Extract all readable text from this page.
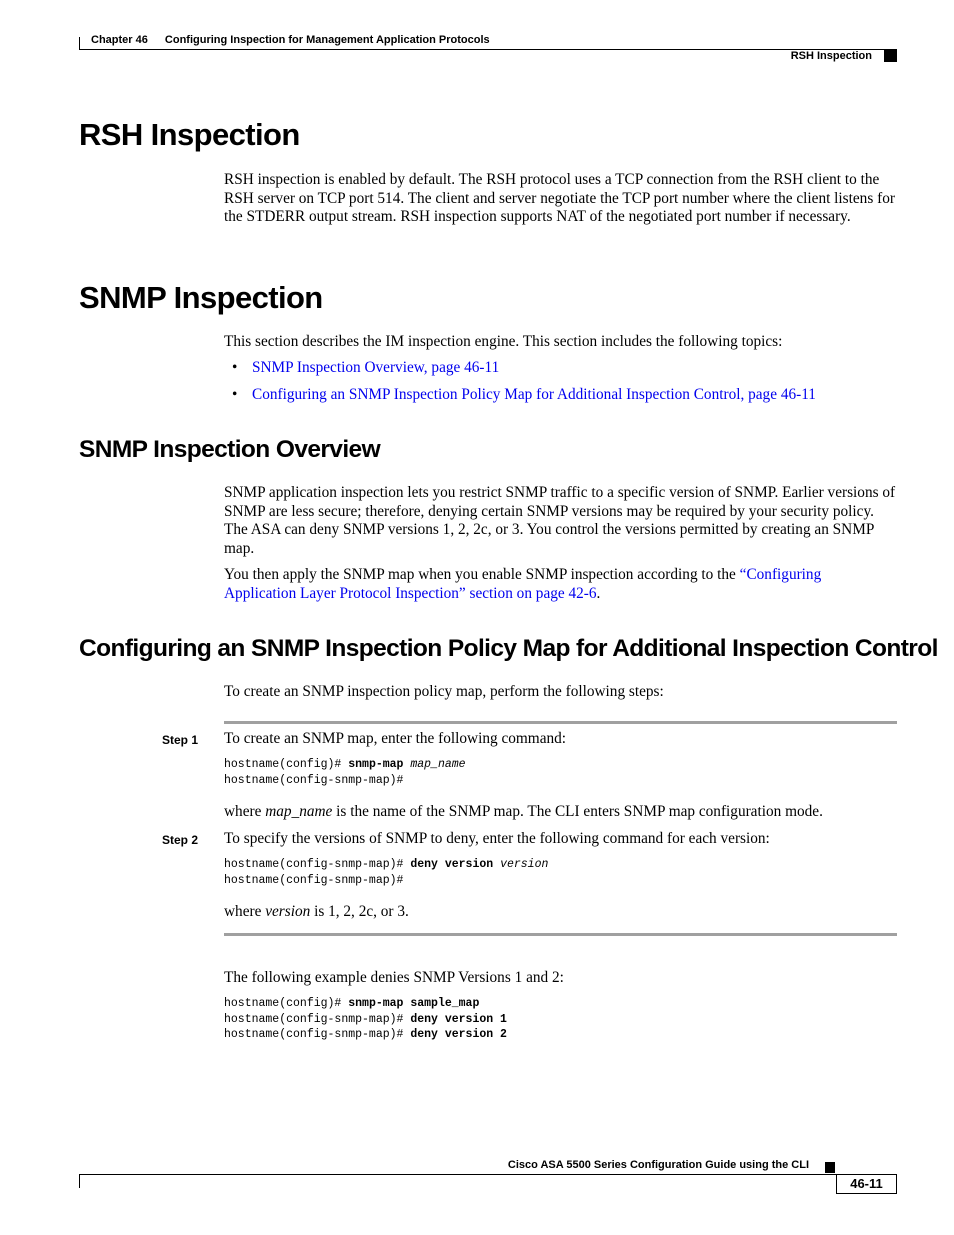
Chapter 46 Configuring Inspection for Management Application Protocols
RSH Inspection
RSH Inspection
RSH inspection is enabled by default. The RSH protocol uses a TCP connection from the RSH client to the RSH server on TCP port 514. The client and server negotiate the TCP port number where the client listens for the STDERR output stream. RSH inspection supports NAT of the negotiated port number if necessary.
SNMP Inspection
This section describes the IM inspection engine. This section includes the following topics:
• SNMP Inspection Overview, page 46-11
• Configuring an SNMP Inspection Policy Map for Additional Inspection Control, page 46-11
SNMP Inspection Overview
SNMP application inspection lets you restrict SNMP traffic to a specific version of SNMP. Earlier versions of SNMP are less secure; therefore, denying certain SNMP versions may be required by your security policy. The ASA can deny SNMP versions 1, 2, 2c, or 3. You control the versions permitted by creating an SNMP map.
You then apply the SNMP map when you enable SNMP inspection according to the “Configuring Application Layer Protocol Inspection” section on page 42-6.
Configuring an SNMP Inspection Policy Map for Additional Inspection Control
To create an SNMP inspection policy map, perform the following steps:
Step 1 To create an SNMP map, enter the following command:
hostname(config)# snmp-map map_name
hostname(config-snmp-map)#
where map_name is the name of the SNMP map. The CLI enters SNMP map configuration mode.
Step 2 To specify the versions of SNMP to deny, enter the following command for each version:
hostname(config-snmp-map)# deny version version
hostname(config-snmp-map)#
where version is 1, 2, 2c, or 3.
The following example denies SNMP Versions 1 and 2:
hostname(config)# snmp-map sample_map
hostname(config-snmp-map)# deny version 1
hostname(config-snmp-map)# deny version 2
Cisco ASA 5500 Series Configuration Guide using the CLI
46-11
